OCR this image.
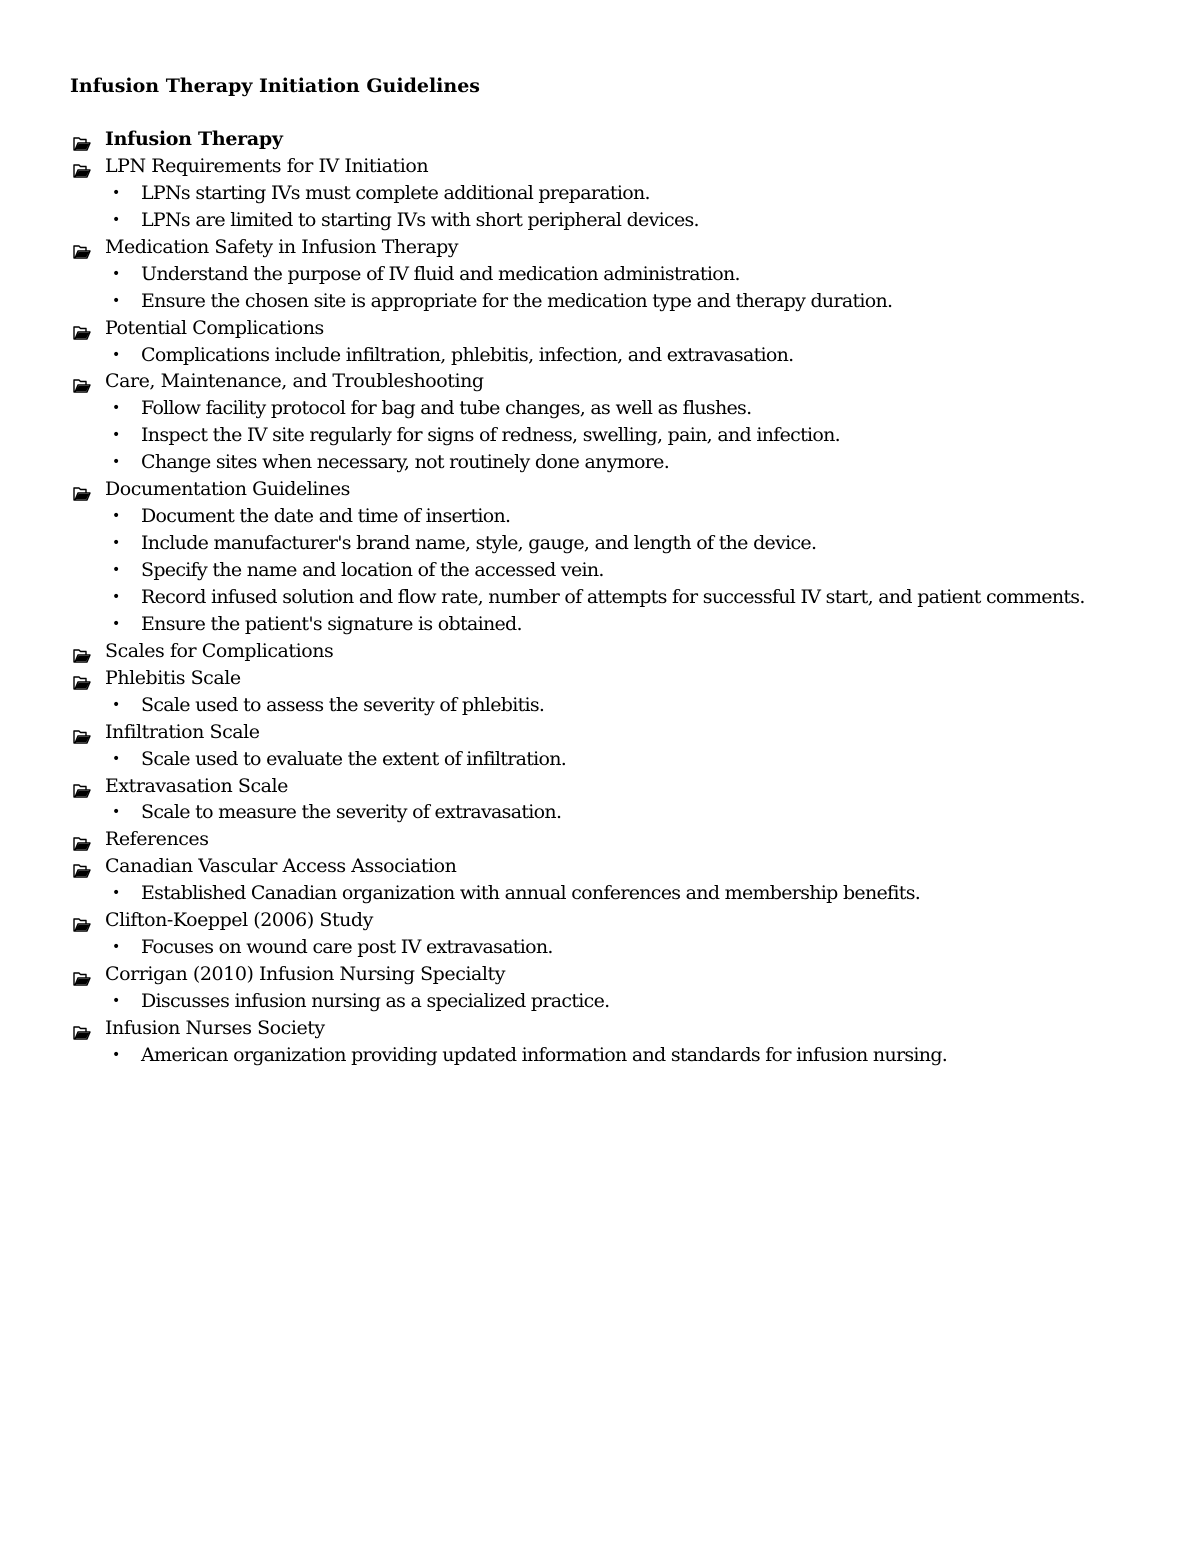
Infusion Therapy Initiation Guidelines
Infusion Therapy
LPN Requirements for IV Initiation
• LPNs starting IVs must complete additional preparation.
• LPNs are limited to starting IVs with short peripheral devices.
Medication Safety in Infusion Therapy
• Understand the purpose of IV fluid and medication administration.
• Ensure the chosen site is appropriate for the medication type and therapy duration.
Potential Complications
• Complications include infiltration, phlebitis, infection, and extravasation.
Care, Maintenance, and Troubleshooting
• Follow facility protocol for bag and tube changes, as well as flushes.
• Inspect the IV site regularly for signs of redness, swelling, pain, and infection.
• Change sites when necessary, not routinely done anymore.
Documentation Guidelines
• Document the date and time of insertion.
• Include manufacturer's brand name, style, gauge, and length of the device.
• Specify the name and location of the accessed vein.
• Record infused solution and flow rate, number of attempts for successful IV start, and patient comments.
• Ensure the patient's signature is obtained.
Scales for Complications
Phlebitis Scale
• Scale used to assess the severity of phlebitis.
Infiltration Scale
• Scale used to evaluate the extent of infiltration.
Extravasation Scale
• Scale to measure the severity of extravasation.
References
Canadian Vascular Access Association
• Established Canadian organization with annual conferences and membership benefits.
Clifton-Koeppel (2006) Study
• Focuses on wound care post IV extravasation.
Corrigan (2010) Infusion Nursing Specialty
• Discusses infusion nursing as a specialized practice.
Infusion Nurses Society
• American organization providing updated information and standards for infusion nursing.
